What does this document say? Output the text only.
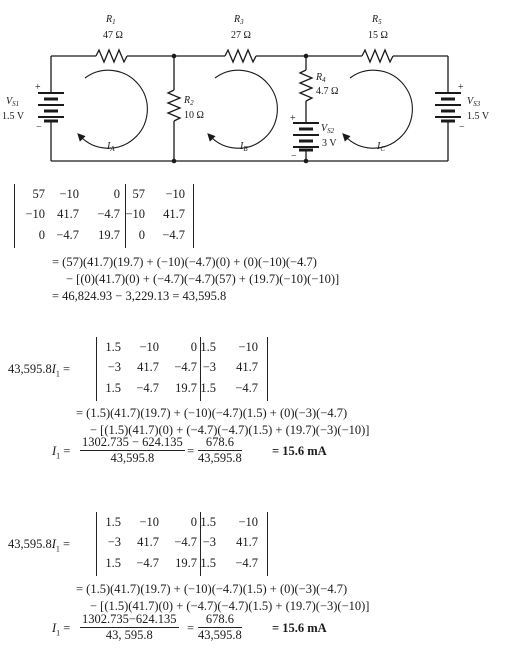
$R_1$
47 Ω
$R_3$
27 Ω
$R_5$
15 Ω
$R_2$
10 Ω
$R_4$
4.7 Ω
$V_{S1}$
1.5 V
$V_{S3}$
1.5 V
$V_{S2}$
3 V
$I_A$	$I_B$	$I_C$
+
−
+
−
+
−
57	−10	0	57	−10
−10 41.7	−4.7 −10	41.7
0 −4.7	19.7	0	−4.7
= (57)(41.7)(19.7) + (−10)(−4.7)(0) + (0)(−10)(−4.7)
− [(0)(41.7)(0) + (−4.7)(−4.7)(57) + (19.7)(−10)(−10)]
= 46,824.93 − 3,229.13 = 43,595.8
$43,595.8I_1$ =
1.5	−10	0 1.5	−10
−3	41.7	−4.7 −3	41.7
1.5	−4.7	19.7 1.5	−4.7
= (1.5)(41.7)(19.7) + (−10)(−4.7)(1.5) + (0)(−3)(−4.7)
− [(1.5)(41.7)(0) + (−4.7)(−4.7)(1.5) + (19.7)(−3)(−10)]
$I_1 = \frac{1302.735 - 624.135}{43,595.8} = \frac{678.6}{43,595.8} = 15.6$ mA
$43,595.8I_1$ =
1.5	−10	0 1.5	−10
−3	41.7	−4.7 −3	41.7
1.5	−4.7	19.7 1.5	−4.7
= (1.5)(41.7)(19.7) + (−10)(−4.7)(1.5) + (0)(−3)(−4.7)
− [(1.5)(41.7)(0) + (−4.7)(−4.7)(1.5) + (19.7)(−3)(−10)]
$I_1 = \frac{1302.735-624.135}{43, 595.8} = \frac{678.6}{43,595.8} = 15.6$ mA
